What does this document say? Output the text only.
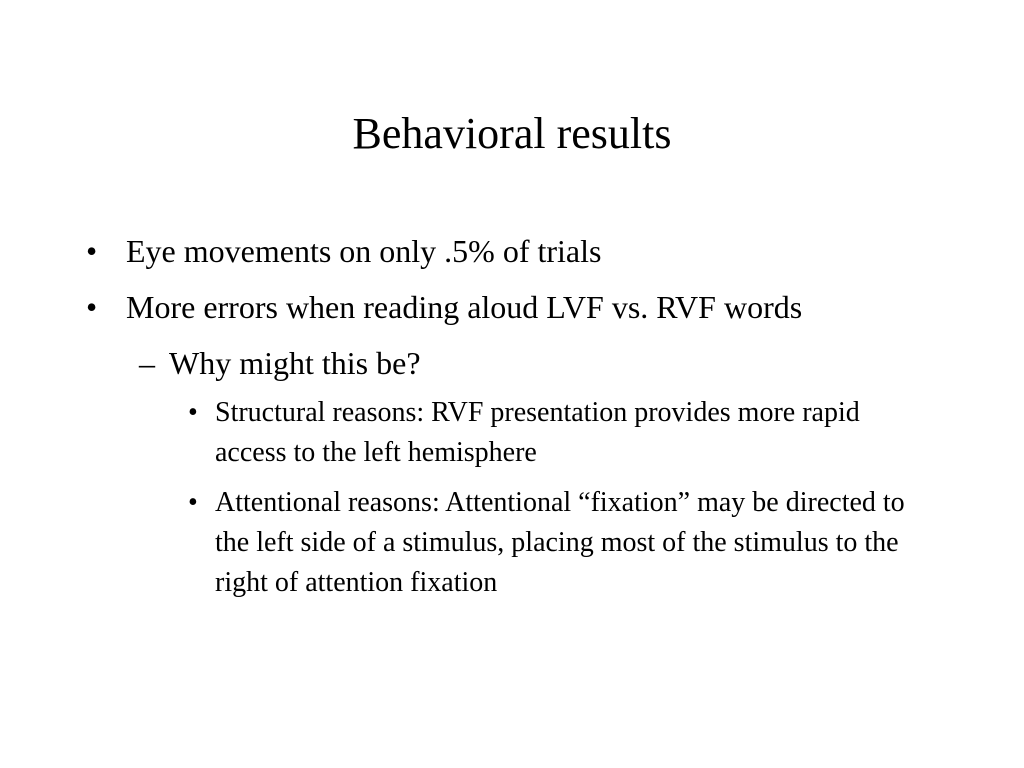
Behavioral results
• Eye movements on only .5% of trials
• More errors when reading aloud LVF vs. RVF words
– Why might this be?
• Structural reasons: RVF presentation provides more rapid access to the left hemisphere
• Attentional reasons: Attentional “fixation” may be directed to the left side of a stimulus, placing most of the stimulus to the right of attention fixation
